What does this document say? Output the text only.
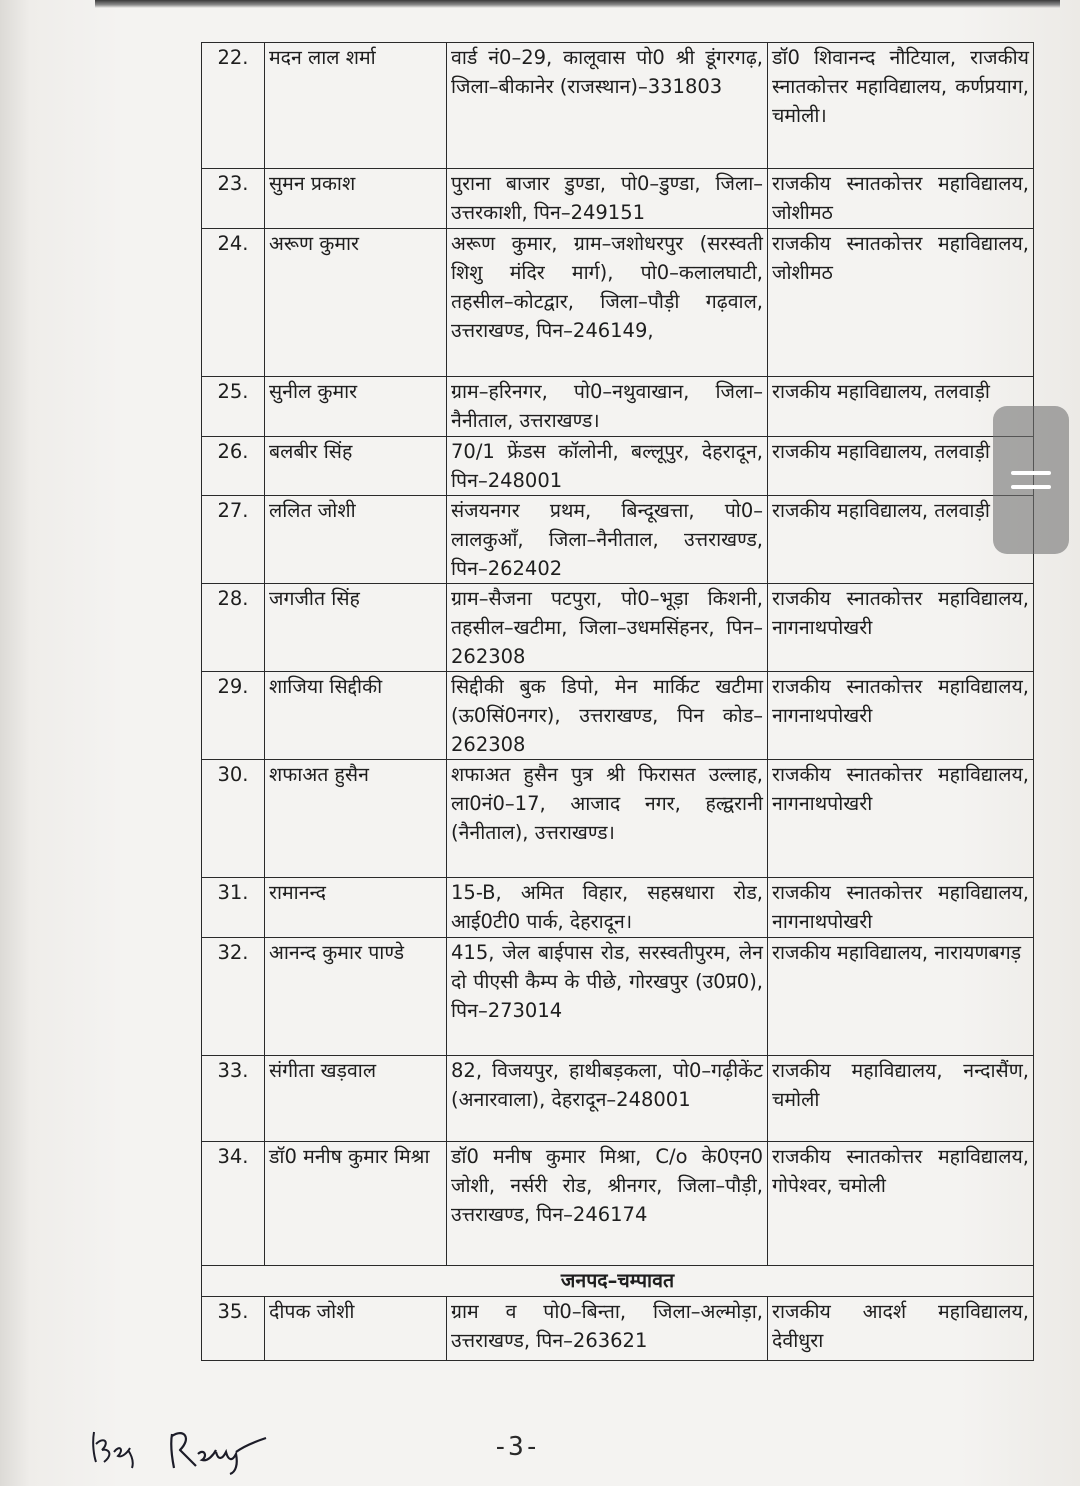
22.	मदन लाल शर्मा	वार्ड नं0–29, कालूवास पो0 श्री डूंगरगढ़, जिला–बीकानेर (राजस्थान)–331803	डॉ0 शिवानन्द नौटियाल, राजकीय स्नातकोत्तर महाविद्यालय, कर्णप्रयाग, चमोली।
23.	सुमन प्रकाश	पुराना बाजार डुण्डा, पो0–डुण्डा, जिला–उत्तरकाशी, पिन–249151	राजकीय स्नातकोत्तर महाविद्यालय, जोशीमठ
24.	अरूण कुमार	अरूण कुमार, ग्राम–जशोधरपुर (सरस्वती शिशु मंदिर मार्ग), पो0–कलालघाटी, तहसील–कोटद्वार, जिला–पौड़ी गढ़वाल, उत्तराखण्ड, पिन–246149,	राजकीय स्नातकोत्तर महाविद्यालय, जोशीमठ
25.	सुनील कुमार	ग्राम–हरिनगर, पो0–नथुवाखान, जिला–नैनीताल, उत्तराखण्ड।	राजकीय महाविद्यालय, तलवाड़ी
26.	बलबीर सिंह	70/1 फ्रेंडस कॉलोनी, बल्लूपुर, देहरादून, पिन–248001	राजकीय महाविद्यालय, तलवाड़ी
27.	ललित जोशी	संजयनगर प्रथम, बिन्दूखत्ता, पो0–लालकुआँ, जिला–नैनीताल, उत्तराखण्ड, पिन–262402	राजकीय महाविद्यालय, तलवाड़ी
28.	जगजीत सिंह	ग्राम–सैजना पटपुरा, पो0–भूड़ा किशनी, तहसील–खटीमा, जिला–उधमसिंहनर, पिन–262308	राजकीय स्नातकोत्तर महाविद्यालय, नागनाथपोखरी
29.	शाजिया सिद्दीकी	सिद्दीकी बुक डिपो, मेन मार्किट खटीमा (ऊ0सिं0नगर), उत्तराखण्ड, पिन कोड–262308	राजकीय स्नातकोत्तर महाविद्यालय, नागनाथपोखरी
30.	शफाअत हुसैन	शफाअत हुसैन पुत्र श्री फिरासत उल्लाह, ला0नं0–17, आजाद नगर, हल्द्वरानी (नैनीताल), उत्तराखण्ड।	राजकीय स्नातकोत्तर महाविद्यालय, नागनाथपोखरी
31.	रामानन्द	15-B, अमित विहार, सहस्रधारा रोड, आई0टी0 पार्क, देहरादून।	राजकीय स्नातकोत्तर महाविद्यालय, नागनाथपोखरी
32.	आनन्द कुमार पाण्डे	415, जेल बाईपास रोड, सरस्वतीपुरम, लेन दो पीएसी कैम्प के पीछे, गोरखपुर (उ0प्र0), पिन–273014	राजकीय महाविद्यालय, नारायणबगड़
33.	संगीता खड़वाल	82, विजयपुर, हाथीबड़कला, पो0–गढ़ीकेंट (अनारवाला), देहरादून–248001	राजकीय महाविद्यालय, नन्दासैंण, चमोली
34.	डॉ0 मनीष कुमार मिश्रा	डॉ0 मनीष कुमार मिश्रा, C/o के0एन0 जोशी, नर्सरी रोड, श्रीनगर, जिला–पौड़ी, उत्तराखण्ड, पिन–246174	राजकीय स्नातकोत्तर महाविद्यालय, गोपेश्वर, चमोली
जनपद–चम्पावत			
35.	दीपक जोशी	ग्राम व पो0–बिन्ता, जिला–अल्मोड़ा, उत्तराखण्ड, पिन–263621	राजकीय आदर्श महाविद्यालय, देवीधुरा
-3-
